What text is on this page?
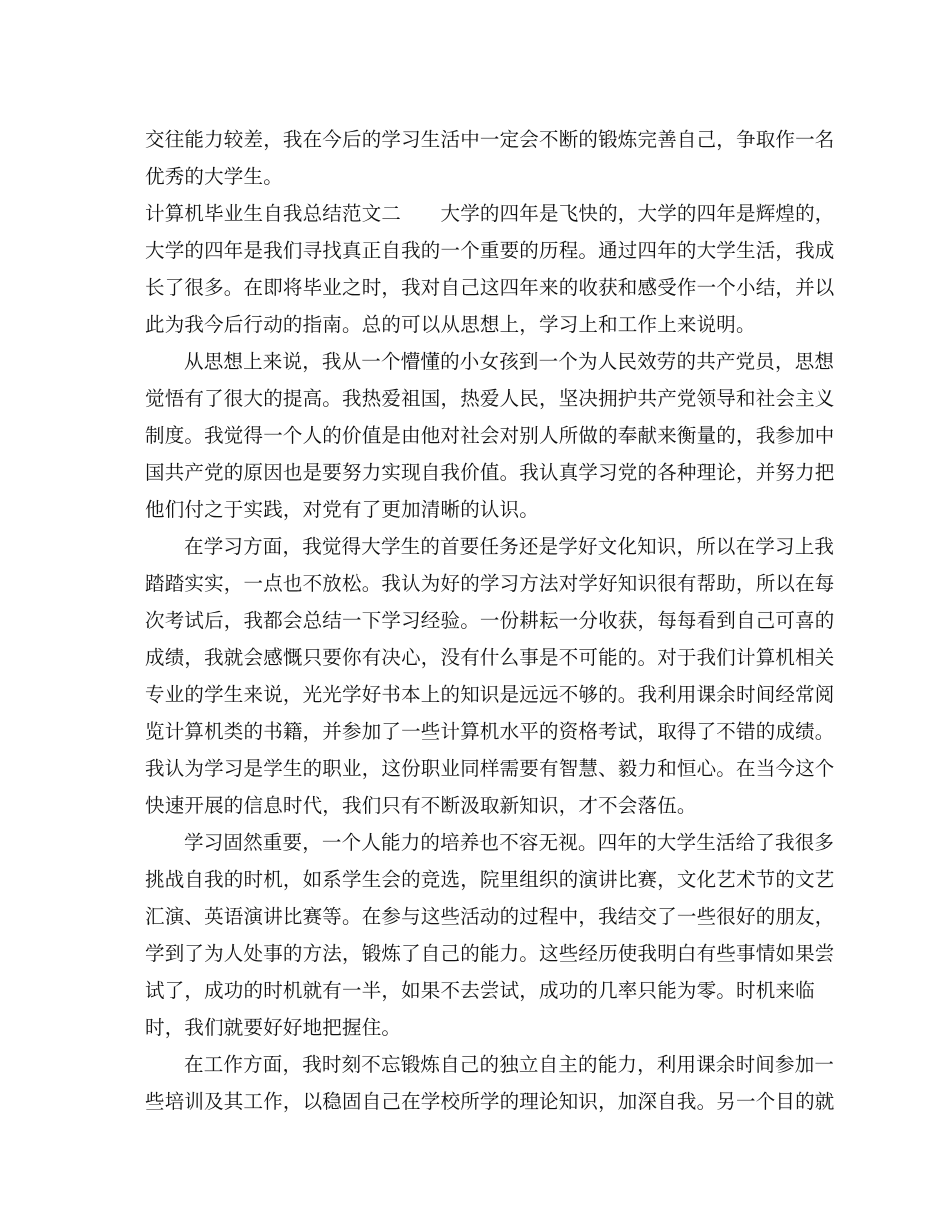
交往能力较差，我在今后的学习生活中一定会不断的锻炼完善自己，争取作一名
优秀的大学生。
计算机毕业生自我总结范文二　　大学的四年是飞快的，大学的四年是辉煌的，
大学的四年是我们寻找真正自我的一个重要的历程。通过四年的大学生活，我成
长了很多。在即将毕业之时，我对自己这四年来的收获和感受作一个小结，并以
此为我今后行动的指南。总的可以从思想上，学习上和工作上来说明。
从思想上来说，我从一个懵懂的小女孩到一个为人民效劳的共产党员，思想
觉悟有了很大的提高。我热爱祖国，热爱人民，坚决拥护共产党领导和社会主义
制度。我觉得一个人的价值是由他对社会对别人所做的奉献来衡量的，我参加中
国共产党的原因也是要努力实现自我价值。我认真学习党的各种理论，并努力把
他们付之于实践，对党有了更加清晰的认识。
在学习方面，我觉得大学生的首要任务还是学好文化知识，所以在学习上我
踏踏实实，一点也不放松。我认为好的学习方法对学好知识很有帮助，所以在每
次考试后，我都会总结一下学习经验。一份耕耘一分收获，每每看到自己可喜的
成绩，我就会感慨只要你有决心，没有什么事是不可能的。对于我们计算机相关
专业的学生来说，光光学好书本上的知识是远远不够的。我利用课余时间经常阅
览计算机类的书籍，并参加了一些计算机水平的资格考试，取得了不错的成绩。
我认为学习是学生的职业，这份职业同样需要有智慧、毅力和恒心。在当今这个
快速开展的信息时代，我们只有不断汲取新知识，才不会落伍。
学习固然重要，一个人能力的培养也不容无视。四年的大学生活给了我很多
挑战自我的时机，如系学生会的竞选，院里组织的演讲比赛，文化艺术节的文艺
汇演、英语演讲比赛等。在参与这些活动的过程中，我结交了一些很好的朋友，
学到了为人处事的方法，锻炼了自己的能力。这些经历使我明白有些事情如果尝
试了，成功的时机就有一半，如果不去尝试，成功的几率只能为零。时机来临
时，我们就要好好地把握住。
在工作方面，我时刻不忘锻炼自己的独立自主的能力，利用课余时间参加一
些培训及其工作，以稳固自己在学校所学的理论知识，加深自我。另一个目的就
